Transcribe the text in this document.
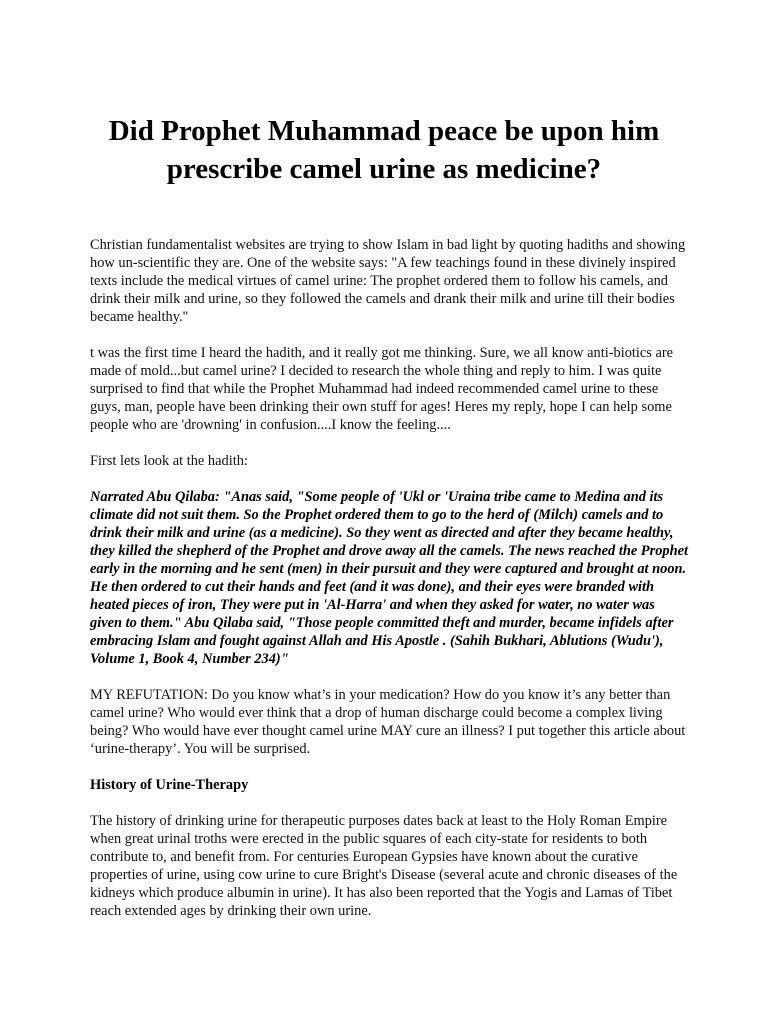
Did Prophet Muhammad peace be upon him prescribe camel urine as medicine?

Christian fundamentalist websites are trying to show Islam in bad light by quoting hadiths and showing how un-scientific they are. One of the website says: "A few teachings found in these divinely inspired texts include the medical virtues of camel urine: The prophet ordered them to follow his camels, and drink their milk and urine, so they followed the camels and drank their milk and urine till their bodies became healthy."

t was the first time I heard the hadith, and it really got me thinking. Sure, we all know anti-biotics are made of mold...but camel urine? I decided to research the whole thing and reply to him. I was quite surprised to find that while the Prophet Muhammad had indeed recommended camel urine to these guys, man, people have been drinking their own stuff for ages! Heres my reply, hope I can help some people who are 'drowning' in confusion....I know the feeling....

First lets look at the hadith:

Narrated Abu Qilaba: "Anas said, "Some people of 'Ukl or 'Uraina tribe came to Medina and its climate did not suit them. So the Prophet ordered them to go to the herd of (Milch) camels and to drink their milk and urine (as a medicine). So they went as directed and after they became healthy, they killed the shepherd of the Prophet and drove away all the camels. The news reached the Prophet early in the morning and he sent (men) in their pursuit and they were captured and brought at noon. He then ordered to cut their hands and feet (and it was done), and their eyes were branded with heated pieces of iron, They were put in 'Al-Harra' and when they asked for water, no water was given to them." Abu Qilaba said, "Those people committed theft and murder, became infidels after embracing Islam and fought against Allah and His Apostle . (Sahih Bukhari, Ablutions (Wudu'), Volume 1, Book 4, Number 234)"

MY REFUTATION: Do you know what’s in your medication? How do you know it’s any better than camel urine? Who would ever think that a drop of human discharge could become a complex living being? Who would have ever thought camel urine MAY cure an illness? I put together this article about ‘urine-therapy’. You will be surprised.

History of Urine-Therapy

The history of drinking urine for therapeutic purposes dates back at least to the Holy Roman Empire when great urinal troths were erected in the public squares of each city-state for residents to both contribute to, and benefit from. For centuries European Gypsies have known about the curative properties of urine, using cow urine to cure Bright's Disease (several acute and chronic diseases of the kidneys which produce albumin in urine). It has also been reported that the Yogis and Lamas of Tibet reach extended ages by drinking their own urine.
